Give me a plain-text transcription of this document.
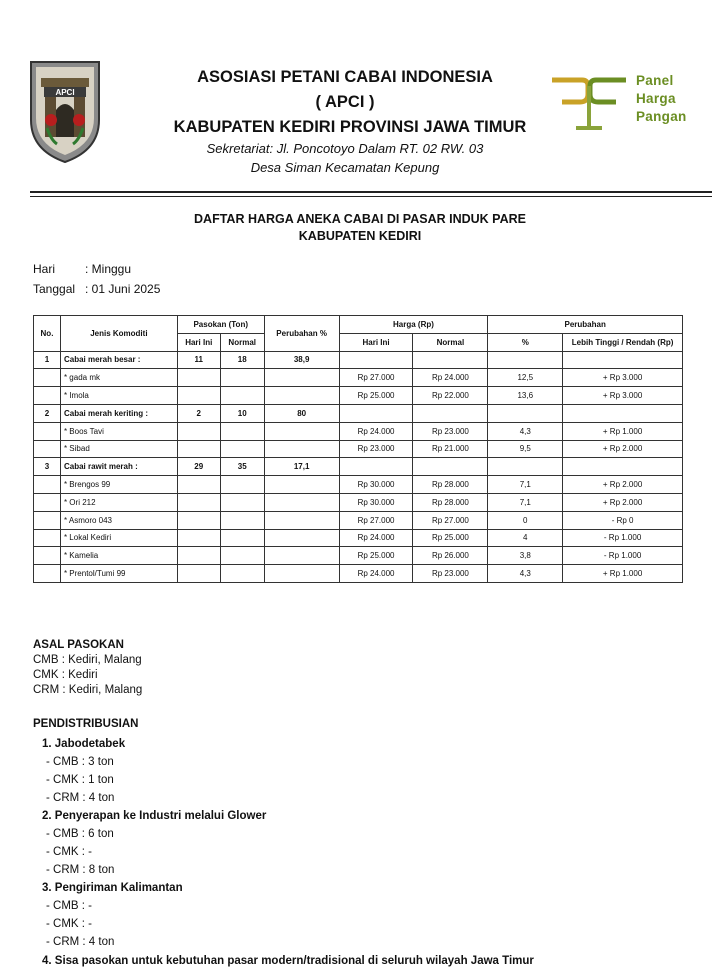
APCI
ASOSIASI PETANI CABAI INDONESIA
( APCI )
KABUPATEN KEDIRI PROVINSI JAWA TIMUR
Sekretariat: Jl. Poncotoyo Dalam RT. 02 RW. 03
Desa Siman Kecamatan Kepung
Panel
Harga
Pangan
DAFTAR HARGA ANEKA CABAI DI PASAR INDUK PARE
KABUPATEN KEDIRI
Hari : Minggu
Tanggal : 01 Juni 2025
No.	Jenis Komoditi	Pasokan (Ton)		Perubahan %	Harga (Rp)		Perubahan	
		Hari Ini	Normal		Hari Ini	Normal	%	Lebih Tinggi / Rendah (Rp)
1	Cabai merah besar :	11	18	38,9				
	* gada mk				Rp 27.000	Rp 24.000	12,5	+ Rp 3.000
	* Imola				Rp 25.000	Rp 22.000	13,6	+ Rp 3.000
2	Cabai merah keriting :	2	10	80				
	* Boos Tavi				Rp 24.000	Rp 23.000	4,3	+ Rp 1.000
	* Sibad				Rp 23.000	Rp 21.000	9,5	+ Rp 2.000
3	Cabai rawit merah :	29	35	17,1				
	* Brengos 99				Rp 30.000	Rp 28.000	7,1	+ Rp 2.000
	* Ori 212				Rp 30.000	Rp 28.000	7,1	+ Rp 2.000
	* Asmoro 043				Rp 27.000	Rp 27.000	0	- Rp 0
	* Lokal Kediri				Rp 24.000	Rp 25.000	4	- Rp 1.000
	* Kamelia				Rp 25.000	Rp 26.000	3,8	- Rp 1.000
	* Prentol/Tumi 99				Rp 24.000	Rp 23.000	4,3	+ Rp 1.000
ASAL PASOKAN
CMB : Kediri, Malang
CMK : Kediri
CRM : Kediri, Malang
PENDISTRIBUSIAN
1. Jabodetabek
- CMB : 3 ton
- CMK : 1 ton
- CRM : 4 ton
2. Penyerapan ke Industri melalui Glower
- CMB : 6 ton
- CMK : -
- CRM : 8 ton
3. Pengiriman Kalimantan
- CMB : -
- CMK : -
- CRM : 4 ton
4. Sisa pasokan untuk kebutuhan pasar modern/tradisional di seluruh wilayah Jawa Timur
